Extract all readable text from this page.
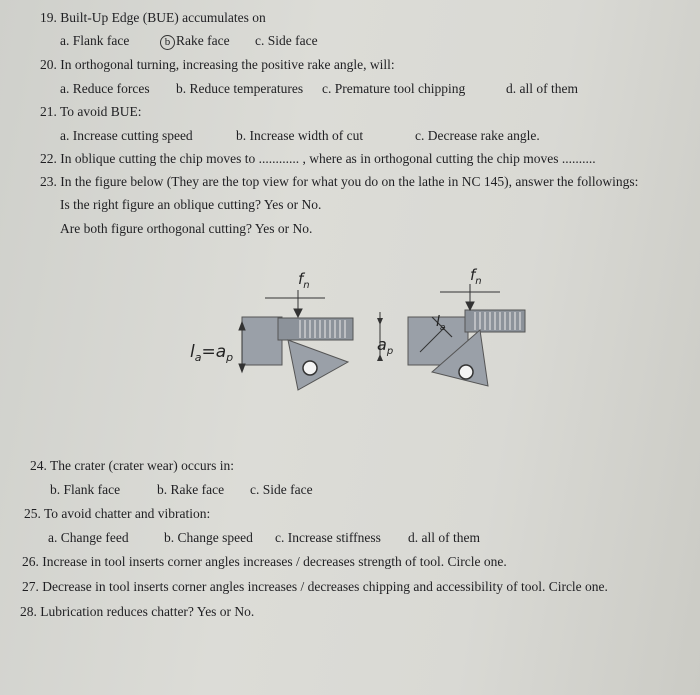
19. Built-Up Edge (BUE) accumulates on
a. Flank face	b Rake face c. Side face
20. In orthogonal turning, increasing the positive rake angle, will:
a. Reduce forces b. Reduce temperatures c. Premature tool chipping	d. all of them
21. To avoid BUE:
a. Increase cutting speed	b. Increase width of cut	c. Decrease rake angle.
22. In oblique cutting the chip moves to ............ , where as in orthogonal cutting the chip moves ..........
23. In the figure below (They are the top view for what you do on the lathe in NC 145), answer the followings:
Is the right figure an oblique cutting? Yes or No.
Are both figure orthogonal cutting? Yes or No.
$l_a=a_p$
$f_n$
$a_p$
$f_n$
$l_a$
24. The crater (crater wear) occurs in:
b. Flank face	b. Rake face c. Side face
25. To avoid chatter and vibration:
a. Change feed	b. Change speed c. Increase stiffness d. all of them
26. Increase in tool inserts corner angles increases / decreases strength of tool. Circle one.
27. Decrease in tool inserts corner angles increases / decreases chipping and accessibility of tool. Circle one.
28. Lubrication reduces chatter? Yes or No.
